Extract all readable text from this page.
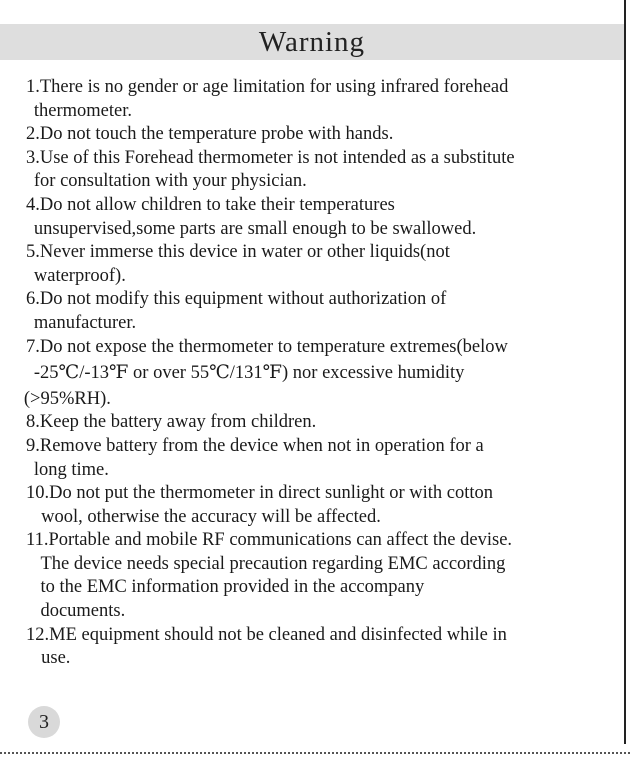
Warning
1. There is no gender or age limitation for using infrared forehead
thermometer.
2. Do not touch the temperature probe with hands.
3. Use of this Forehead thermometer is not intended as a substitute
for consultation with your physician.
4. Do not allow children to take their temperatures
unsupervised,some parts are small enough to be swallowed.
5. Never immerse this device in water or other liquids(not
waterproof).
6. Do not modify this equipment without authorization of
manufacturer.
7. Do not expose the thermometer to temperature extremes(below
-25℃/-13℉ or over 55℃/131℉) nor excessive humidity
(>95%RH).
8. Keep the battery away from children.
9. Remove battery from the device when not in operation for a
long time.
10. Do not put the thermometer in direct sunlight or with cotton
wool, otherwise the accuracy will be affected.
11. Portable and mobile RF communications can affect the devise.
The device needs special precaution regarding EMC according
to the EMC information provided in the accompany
documents.
12. ME equipment should not be cleaned and disinfected while in
use.
3
